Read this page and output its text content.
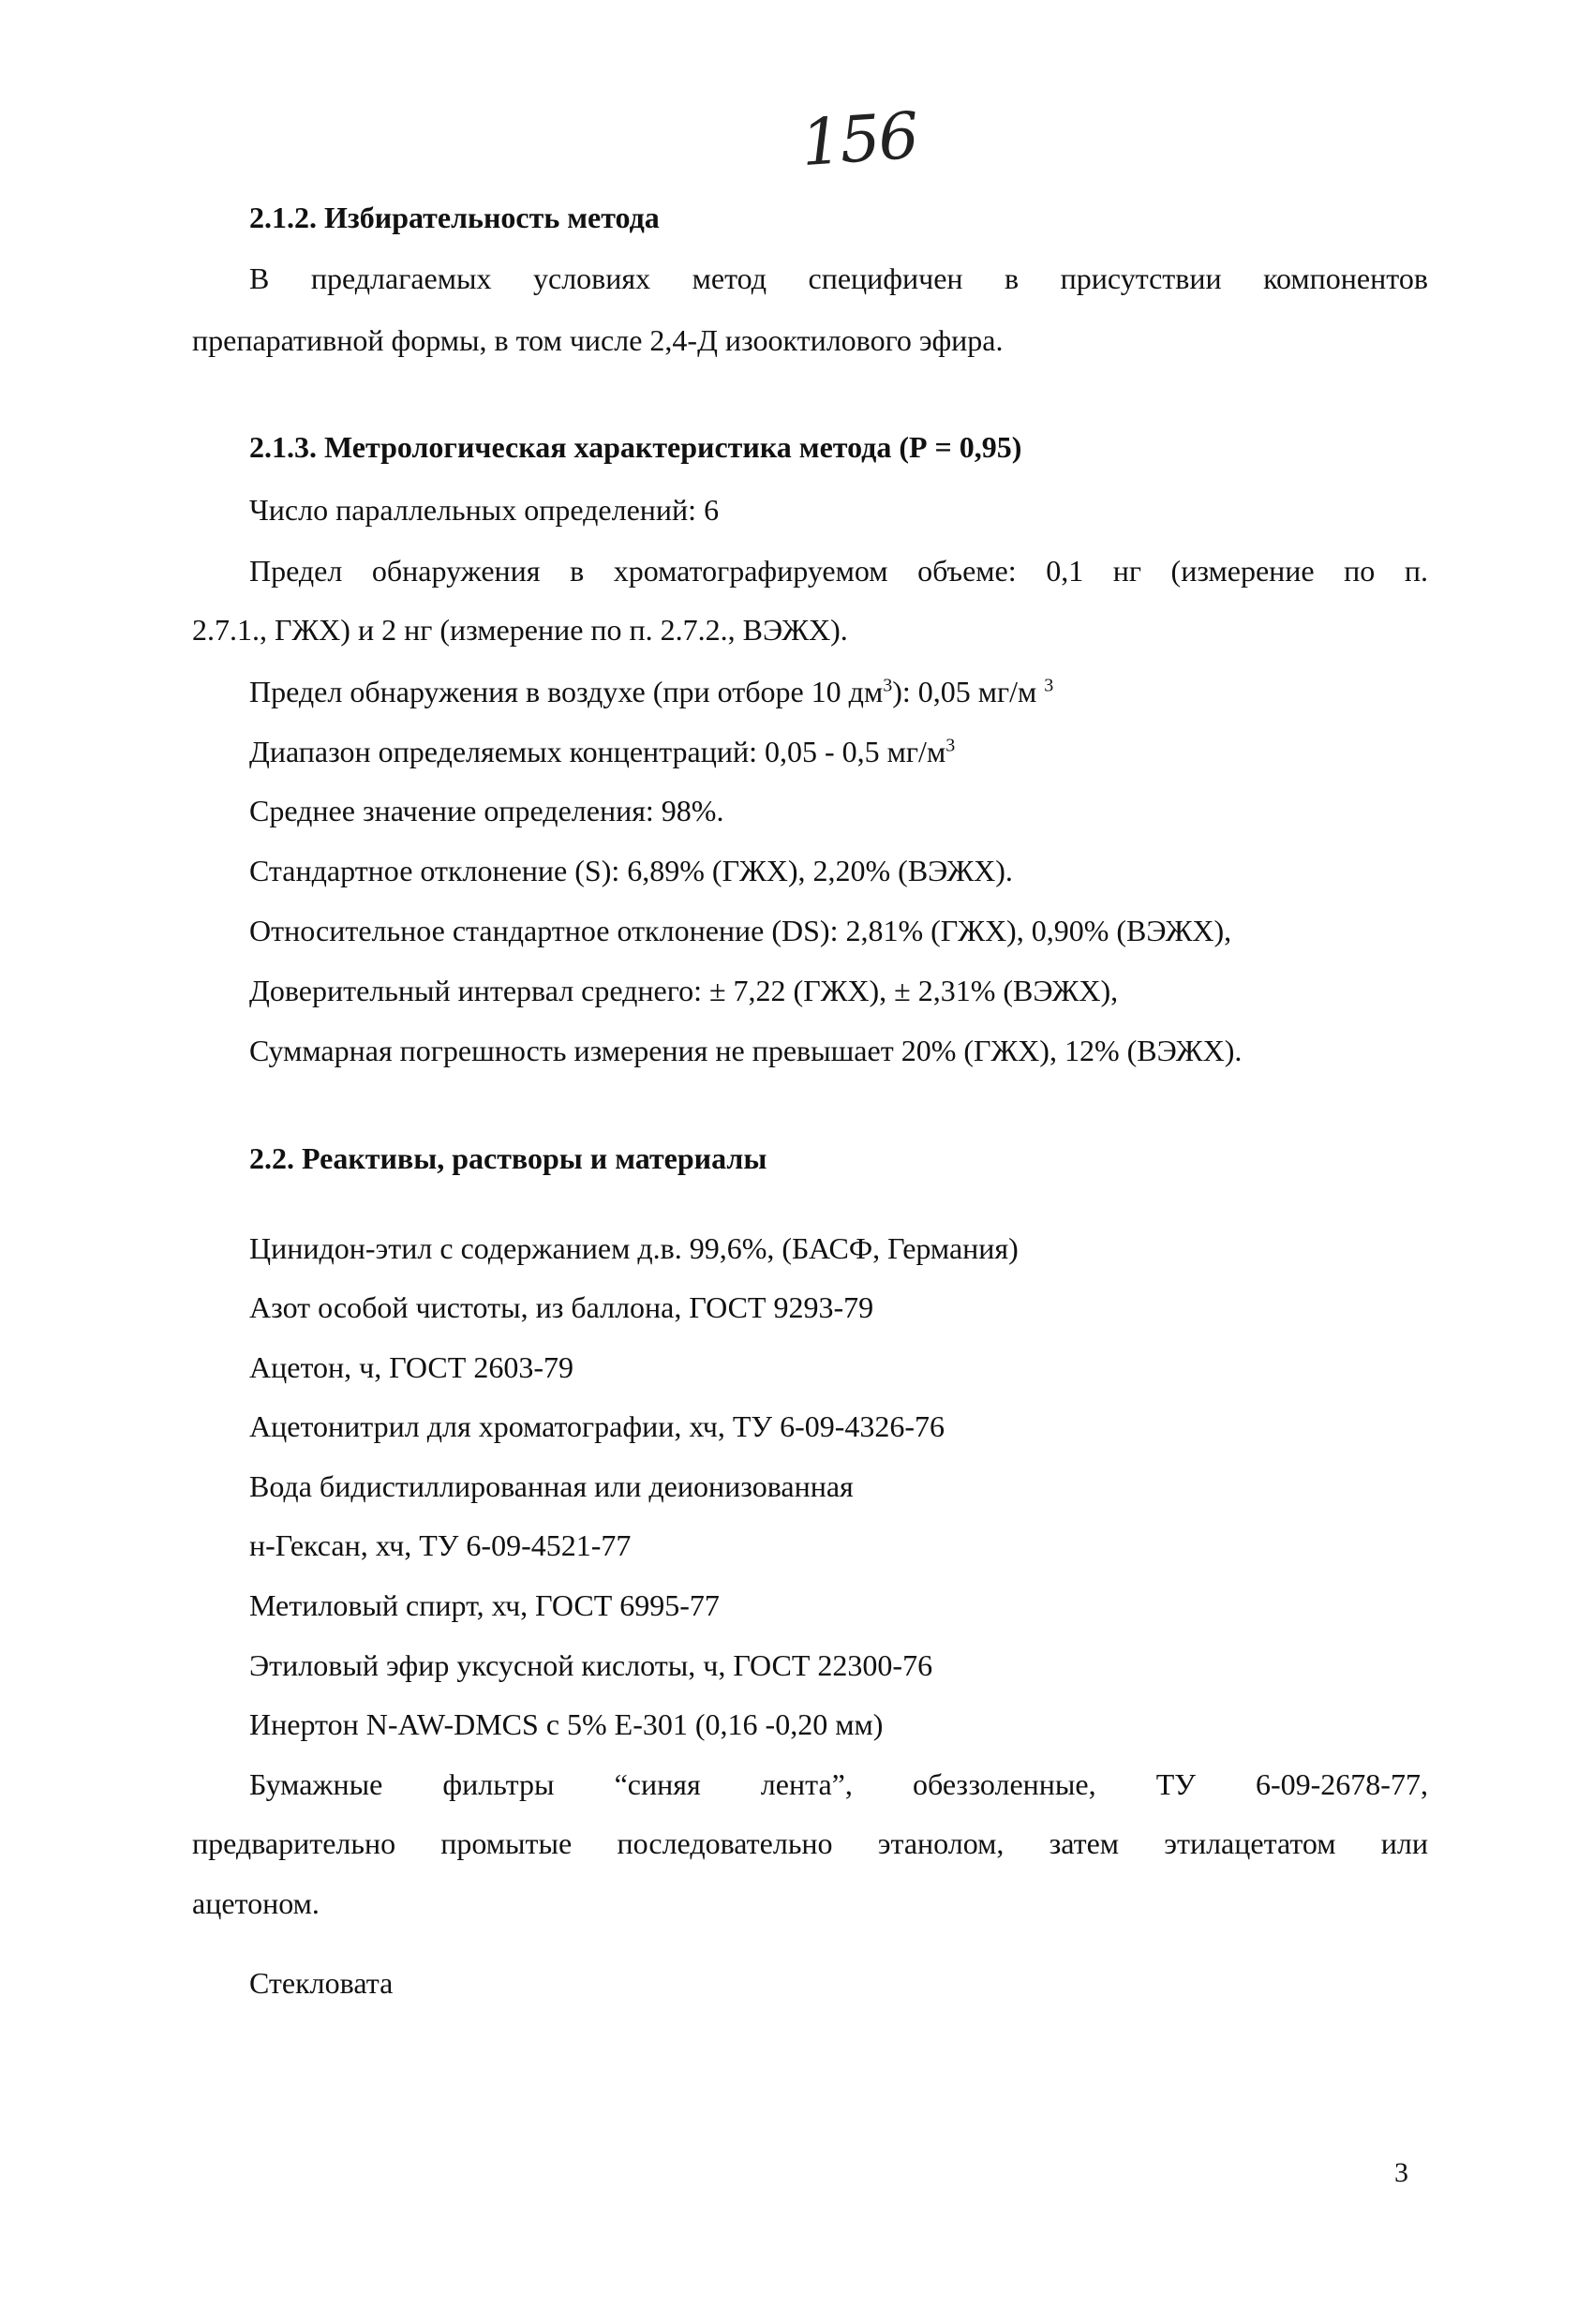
156
2.1.2. Избирательность метода
В предлагаемых условиях метод специфичен в присутствии компонентов
препаративной формы, в том числе 2,4-Д изооктилового эфира.
2.1.3. Метрологическая характеристика метода (Р = 0,95)
Число параллельных определений: 6
Предел обнаружения в хроматографируемом объеме: 0,1 нг (измерение по п.
2.7.1., ГЖХ) и 2 нг (измерение по п. 2.7.2., ВЭЖХ).
Предел обнаружения в воздухе (при отборе 10 $дм^3$): 0,05 мг/м $^3$
Диапазон определяемых концентраций: 0,05 - 0,5 $мг/м^3$
Среднее значение определения: 98%.
Стандартное отклонение (S): 6,89% (ГЖХ), 2,20% (ВЭЖХ).
Относительное стандартное отклонение (DS): 2,81% (ГЖХ), 0,90% (ВЭЖХ),
Доверительный интервал среднего: ± 7,22 (ГЖХ), ± 2,31% (ВЭЖХ),
Суммарная погрешность измерения не превышает 20% (ГЖХ), 12% (ВЭЖХ).
2.2. Реактивы, растворы и материалы
Цинидон-этил с содержанием д.в. 99,6%, (БАСФ, Германия)
Азот особой чистоты, из баллона, ГОСТ 9293-79
Ацетон, ч, ГОСТ 2603-79
Ацетонитрил для хроматографии, хч, ТУ 6-09-4326-76
Вода бидистиллированная или деионизованная
н-Гексан, хч, ТУ 6-09-4521-77
Метиловый спирт, хч, ГОСТ 6995-77
Этиловый эфир уксусной кислоты, ч, ГОСТ 22300-76
Инертон N-AW-DMCS с 5% Е-301 (0,16 -0,20 мм)
Бумажные фильтры “синяя лента”, обеззоленные, ТУ 6-09-2678-77,
предварительно промытые последовательно этанолом, затем этилацетатом или
ацетоном.
Стекловата
3
